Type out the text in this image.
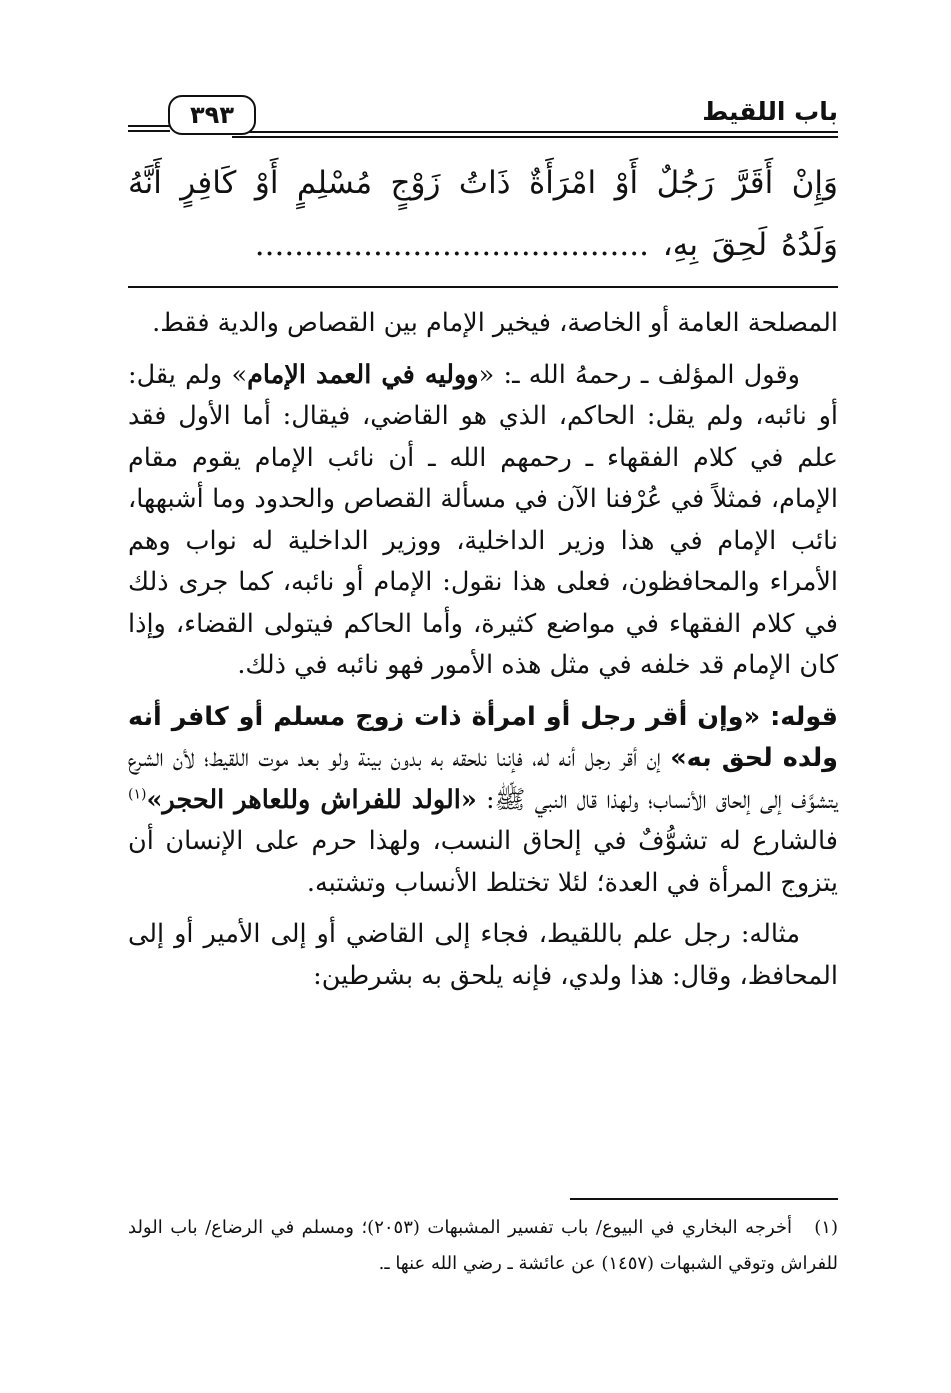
باب اللقيط
٣٩٣
وَإِنْ أَقَرَّ رَجُلٌ أَوْ امْرَأَةٌ ذَاتُ زَوْجٍ مُسْلِمٍ أَوْ كَافِرٍ أَنَّهُ وَلَدُهُ لَحِقَ بِهِ، ........................................

المصلحة العامة أو الخاصة، فيخير الإمام بين القصاص والدية فقط.

وقول المؤلف ـ رحمهُ الله ـ: «ووليه في العمد الإمام» ولم يقل: أو نائبه، ولم يقل: الحاكم، الذي هو القاضي، فيقال: أما الأول فقد علم في كلام الفقهاء ـ رحمهم الله ـ أن نائب الإمام يقوم مقام الإمام، فمثلاً في عُرْفنا الآن في مسألة القصاص والحدود وما أشبهها، نائب الإمام في هذا وزير الداخلية، ووزير الداخلية له نواب وهم الأمراء والمحافظون، فعلى هذا نقول: الإمام أو نائبه، كما جرى ذلك في كلام الفقهاء في مواضع كثيرة، وأما الحاكم فيتولى القضاء، وإذا كان الإمام قد خلفه في مثل هذه الأمور فهو نائبه في ذلك.

قوله: «وإن أقر رجل أو امرأة ذات زوج مسلم أو كافر أنه ولده لحق به» إن أقر رجل أنه له، فإننا نلحقه به بدون بينة ولو بعد موت اللقيط؛ لأن الشرع يتشوَّف إلى إلحاق الأنساب؛ ولهذا قال النبي ﷺ: «الولد للفراش وللعاهر الحجر»$^{(١)}$ فالشارع له تشوُّفٌ في إلحاق النسب، ولهذا حرم على الإنسان أن يتزوج المرأة في العدة؛ لئلا تختلط الأنساب وتشتبه.

مثاله: رجل علم باللقيط، فجاء إلى القاضي أو إلى الأمير أو إلى المحافظ، وقال: هذا ولدي، فإنه يلحق به بشرطين:

(١)أخرجه البخاري في البيوع/ باب تفسير المشبهات (٢٠٥٣)؛ ومسلم في الرضاع/ باب الولد للفراش وتوقي الشبهات (١٤٥٧) عن عائشة ـ رضي الله عنها ـ.
